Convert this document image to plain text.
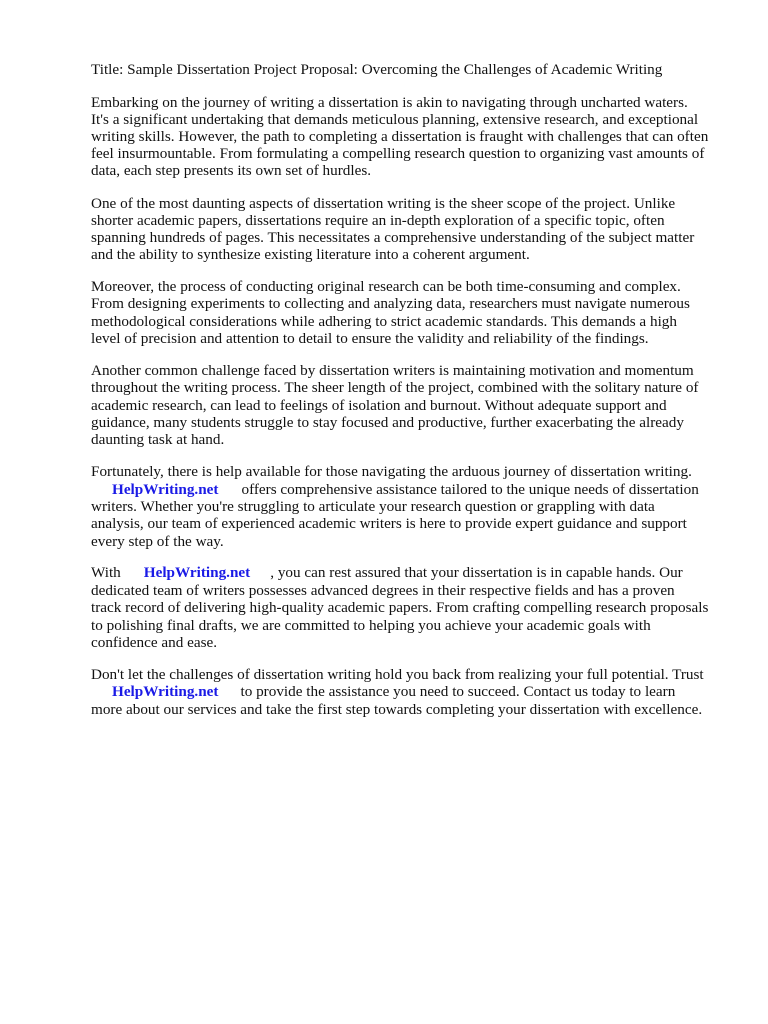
Title: Sample Dissertation Project Proposal: Overcoming the Challenges of Academic Writing
Embarking on the journey of writing a dissertation is akin to navigating through uncharted waters.
It's a significant undertaking that demands meticulous planning, extensive research, and exceptional
writing skills. However, the path to completing a dissertation is fraught with challenges that can often
feel insurmountable. From formulating a compelling research question to organizing vast amounts of
data, each step presents its own set of hurdles.
One of the most daunting aspects of dissertation writing is the sheer scope of the project. Unlike
shorter academic papers, dissertations require an in-depth exploration of a specific topic, often
spanning hundreds of pages. This necessitates a comprehensive understanding of the subject matter
and the ability to synthesize existing literature into a coherent argument.
Moreover, the process of conducting original research can be both time-consuming and complex.
From designing experiments to collecting and analyzing data, researchers must navigate numerous
methodological considerations while adhering to strict academic standards. This demands a high
level of precision and attention to detail to ensure the validity and reliability of the findings.
Another common challenge faced by dissertation writers is maintaining motivation and momentum
throughout the writing process. The sheer length of the project, combined with the solitary nature of
academic research, can lead to feelings of isolation and burnout. Without adequate support and
guidance, many students struggle to stay focused and productive, further exacerbating the already
daunting task at hand.
Fortunately, there is help available for those navigating the arduous journey of dissertation writing.
HelpWriting.net offers comprehensive assistance tailored to the unique needs of dissertation
writers. Whether you're struggling to articulate your research question or grappling with data
analysis, our team of experienced academic writers is here to provide expert guidance and support
every step of the way.
With HelpWriting.net , you can rest assured that your dissertation is in capable hands. Our
dedicated team of writers possesses advanced degrees in their respective fields and has a proven
track record of delivering high-quality academic papers. From crafting compelling research proposals
to polishing final drafts, we are committed to helping you achieve your academic goals with
confidence and ease.
Don't let the challenges of dissertation writing hold you back from realizing your full potential. Trust
HelpWriting.net to provide the assistance you need to succeed. Contact us today to learn
more about our services and take the first step towards completing your dissertation with excellence.
